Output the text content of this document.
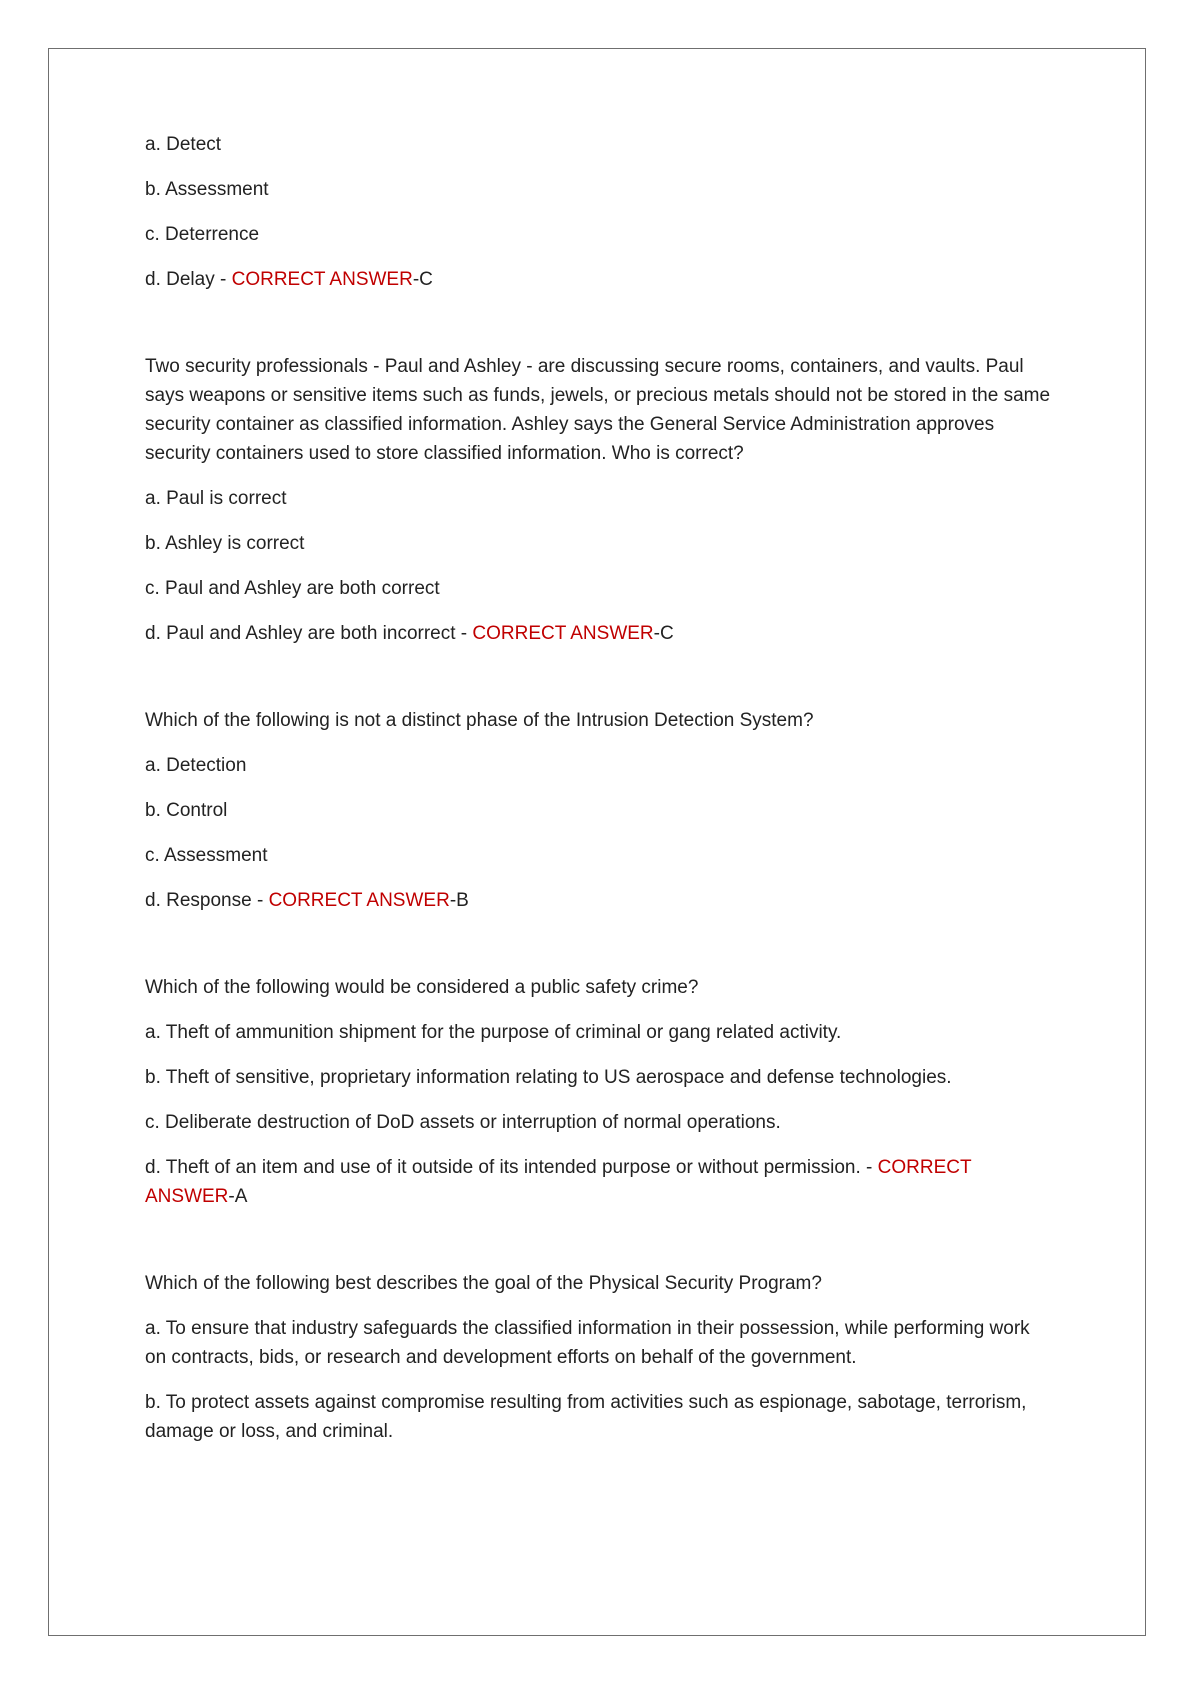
a. Detect

b. Assessment

c. Deterrence

d. Delay - CORRECT ANSWER-C

Two security professionals - Paul and Ashley - are discussing secure rooms, containers, and vaults. Paul says weapons or sensitive items such as funds, jewels, or precious metals should not be stored in the same security container as classified information. Ashley says the General Service Administration approves security containers used to store classified information. Who is correct?

a. Paul is correct

b. Ashley is correct

c. Paul and Ashley are both correct

d. Paul and Ashley are both incorrect - CORRECT ANSWER-C

Which of the following is not a distinct phase of the Intrusion Detection System?

a. Detection

b. Control

c. Assessment

d. Response - CORRECT ANSWER-B

Which of the following would be considered a public safety crime?

a. Theft of ammunition shipment for the purpose of criminal or gang related activity.

b. Theft of sensitive, proprietary information relating to US aerospace and defense technologies.

c. Deliberate destruction of DoD assets or interruption of normal operations.

d. Theft of an item and use of it outside of its intended purpose or without permission. - CORRECT ANSWER-A

Which of the following best describes the goal of the Physical Security Program?

a. To ensure that industry safeguards the classified information in their possession, while performing work on contracts, bids, or research and development efforts on behalf of the government.

b. To protect assets against compromise resulting from activities such as espionage, sabotage, terrorism, damage or loss, and criminal.
